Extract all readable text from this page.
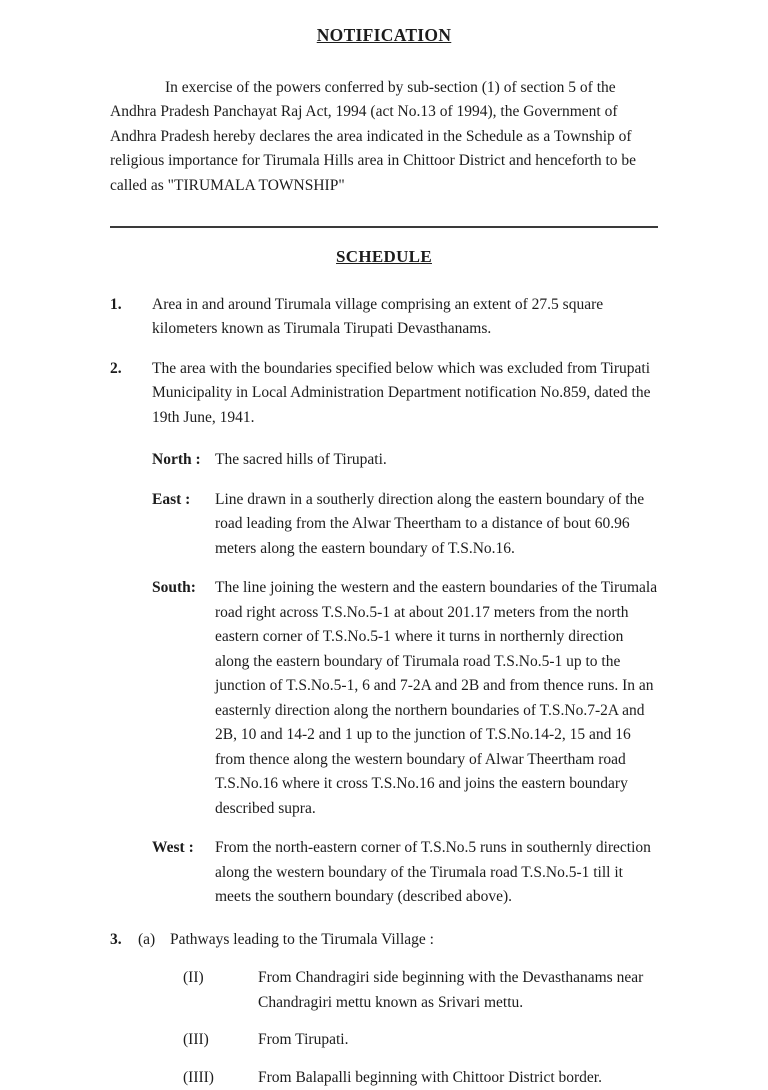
NOTIFICATION

In exercise of the powers conferred by sub-section (1) of section 5 of the Andhra Pradesh Panchayat Raj Act, 1994 (act No.13 of 1994), the Government of Andhra Pradesh hereby declares the area indicated in the Schedule as a Township of religious importance for Tirumala Hills area in Chittoor District and henceforth to be called as "TIRUMALA TOWNSHIP"

SCHEDULE
1.	Area in and around Tirumala village comprising an extent of 27.5 square kilometers known as Tirumala Tirupati Devasthanams.
2.	The area with the boundaries specified below which was excluded from Tirupati Municipality in Local Administration Department notification No.859, dated the 19th June, 1941.
North : The sacred hills of Tirupati.
East :	Line drawn in a southerly direction along the eastern boundary of the road leading from the Alwar Theertham to a distance of bout 60.96 meters along the eastern boundary of T.S.No.16.
South:	The line joining the western and the eastern boundaries of the Tirumala road right across T.S.No.5-1 at about 201.17 meters from the north eastern corner of T.S.No.5-1 where it turns in northernly direction along the eastern boundary of Tirumala road T.S.No.5-1 up to the junction of T.S.No.5-1, 6 and 7-2A and 2B and from thence runs. In an easternly direction along the northern boundaries of T.S.No.7-2A and 2B, 10 and 14-2 and 1 up to the junction of T.S.No.14-2, 15 and 16 from thence along the western boundary of Alwar Theertham road T.S.No.16 where it cross T.S.No.16 and joins the eastern boundary described supra.
West :	From the north-eastern corner of T.S.No.5 runs in southernly direction along the western boundary of the Tirumala road T.S.No.5-1 till it meets the southern boundary (described above).
3.	(a) Pathways leading to the Tirumala Village :
(II)	From Chandragiri side beginning with the Devasthanams near Chandragiri mettu known as Srivari mettu.
(III)	From Tirupati.
(IIII)	From Balapalli beginning with Chittoor District border.
